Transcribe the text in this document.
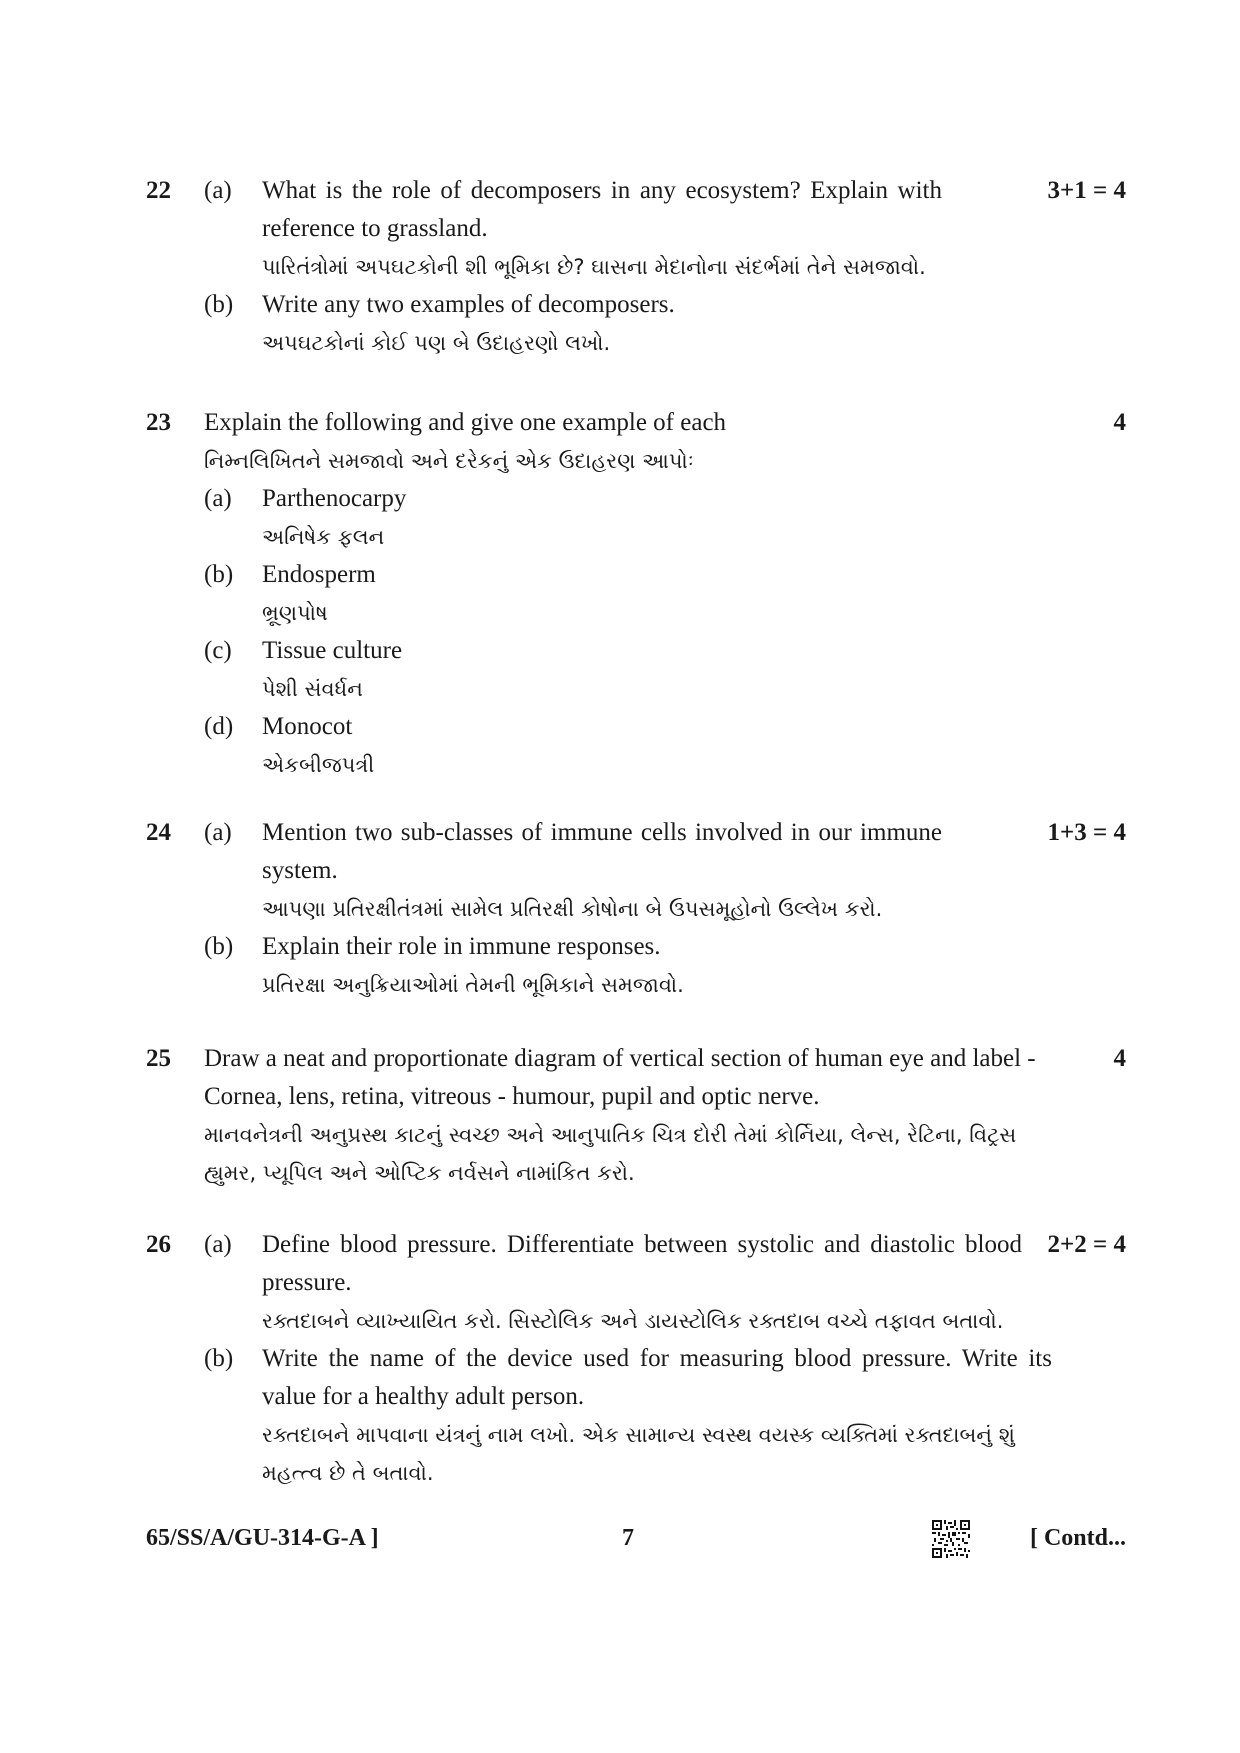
22	3+1 = 4
(a) What is the role of decomposers in any ecosystem? Explain with reference to grassland.

પારિતંત્રોમાં અપઘટકોની શી ભૂમિકા છે? ઘાસના મેદાનોના સંદર્ભમાં તેને સમજાવો.

(b) Write any two examples of decomposers.

અપઘટકોનાં કોઈ પણ બે ઉદાહરણો લખો.

23	4

Explain the following and give one example of each

નિમ્નલિખિતને સમજાવો અને દરેકનું એક ઉદાહરણ આપોઃ

(a) Parthenocarpy

અનિષેક ફલન

(b) Endosperm

ભ્રૂણપોષ

(c) Tissue culture

પેશી સંવર્ધન

(d) Monocot

એકબીજપત્રી

24	1+3 = 4
(a) Mention two sub-classes of immune cells involved in our immune system.

આપણા પ્રતિરક્ષીતંત્રમાં સામેલ પ્રતિરક્ષી કોષોના બે ઉપસમૂહોનો ઉલ્લેખ કરો.

(b) Explain their role in immune responses.

પ્રતિરક્ષા અનુક્રિયાઓમાં તેમની ભૂમિકાને સમજાવો.

25	4

Draw a neat and proportionate diagram of vertical section of human eye and label - Cornea, lens, retina, vitreous - humour, pupil and optic nerve.

માનવનેત્રની અનુપ્રસ્થ કાટનું સ્વચ્છ અને આનુપાતિક ચિત્ર દોરી તેમાં કોર્નિયા, લેન્સ, રેટિના, વિટ્રસ હ્યુમર, પ્યૂપિલ અને ઓપ્ટિક નર્વસને નામાંકિત કરો.

26	2+2 = 4
(a) Define blood pressure. Differentiate between systolic and diastolic blood pressure.

રક્તદાબને વ્યાખ્યાયિત કરો. સિસ્ટોલિક અને ડાયસ્ટોલિક રક્તદાબ વચ્ચે તફાવત બતાવો.

(b) Write the name of the device used for measuring blood pressure. Write its value for a healthy adult person.

રક્તદાબને માપવાના યંત્રનું નામ લખો. એક સામાન્ય સ્વસ્થ વયસ્ક વ્યક્તિમાં રક્તદાબનું શું મહત્ત્વ છે તે બતાવો.

65/SS/A/GU-314-G-A ]	7	[ Contd...
